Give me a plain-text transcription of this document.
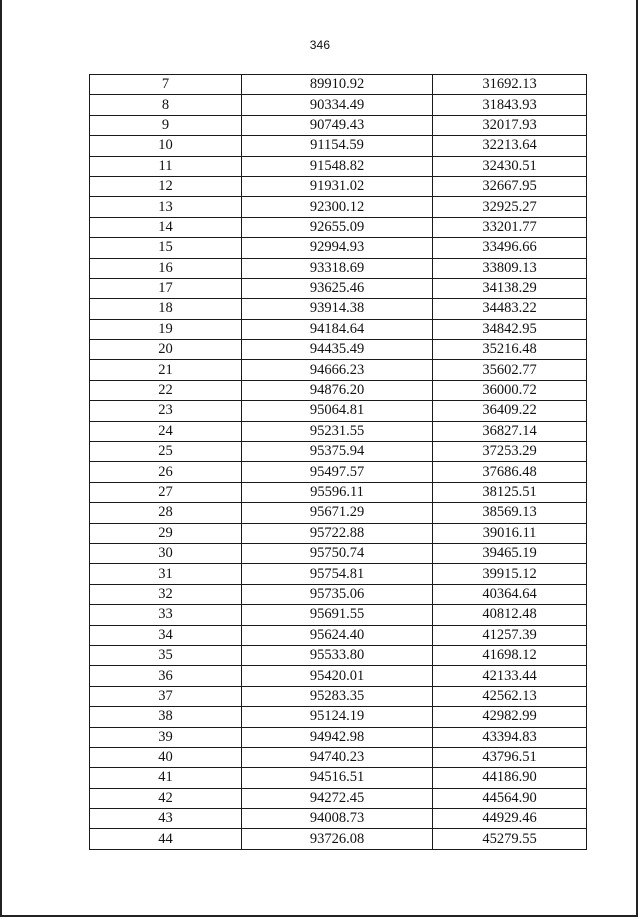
346
7	89910.92	31692.13
8	90334.49	31843.93
9	90749.43	32017.93
10	91154.59	32213.64
11	91548.82	32430.51
12	91931.02	32667.95
13	92300.12	32925.27
14	92655.09	33201.77
15	92994.93	33496.66
16	93318.69	33809.13
17	93625.46	34138.29
18	93914.38	34483.22
19	94184.64	34842.95
20	94435.49	35216.48
21	94666.23	35602.77
22	94876.20	36000.72
23	95064.81	36409.22
24	95231.55	36827.14
25	95375.94	37253.29
26	95497.57	37686.48
27	95596.11	38125.51
28	95671.29	38569.13
29	95722.88	39016.11
30	95750.74	39465.19
31	95754.81	39915.12
32	95735.06	40364.64
33	95691.55	40812.48
34	95624.40	41257.39
35	95533.80	41698.12
36	95420.01	42133.44
37	95283.35	42562.13
38	95124.19	42982.99
39	94942.98	43394.83
40	94740.23	43796.51
41	94516.51	44186.90
42	94272.45	44564.90
43	94008.73	44929.46
44	93726.08	45279.55
